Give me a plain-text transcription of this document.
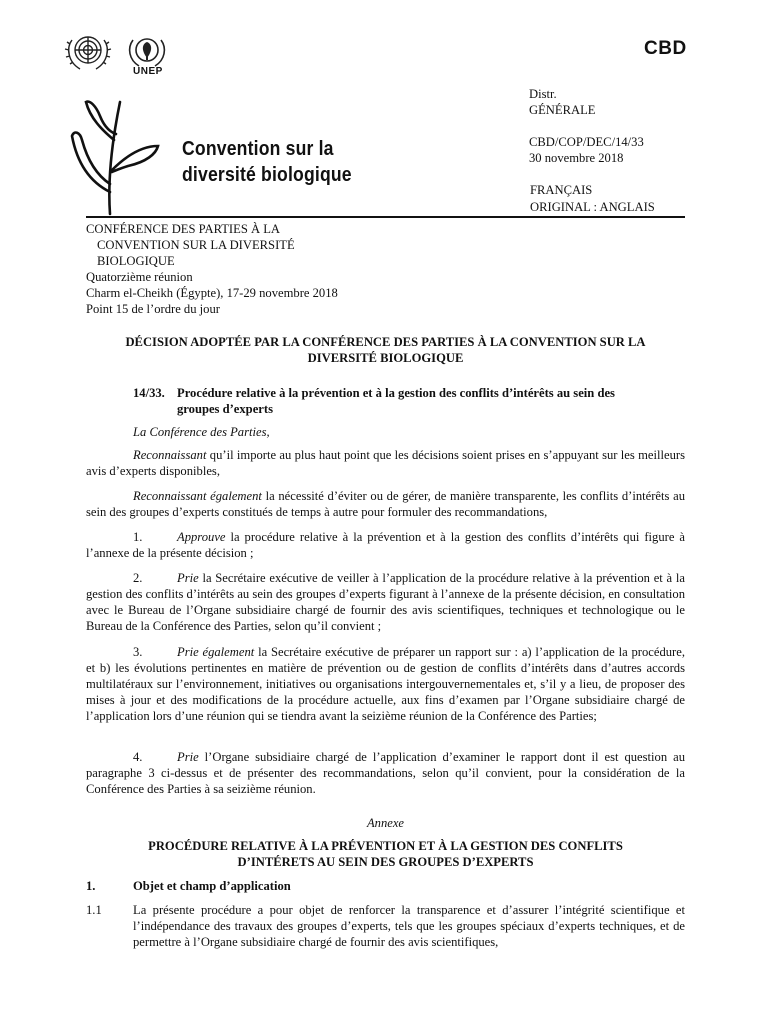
UNEP
CBD
Convention sur la
diversité biologique
Distr.
GÉNÉRALE
CBD/COP/DEC/14/33
30 novembre 2018
FRANÇAIS
ORIGINAL : ANGLAIS
CONFÉRENCE DES PARTIES À LA
CONVENTION SUR LA DIVERSITÉ
BIOLOGIQUE
Quatorzième réunion
Charm el-Cheikh (Égypte), 17-29 novembre 2018
Point 15 de l’ordre du jour
DÉCISION ADOPTÉE PAR LA CONFÉRENCE DES PARTIES À LA CONVENTION SUR LA
DIVERSITÉ BIOLOGIQUE
14/33. Procédure relative à la prévention et à la gestion des conflits d’intérêts au sein des
groupes d’experts
La Conférence des Parties,
Reconnaissant qu’il importe au plus haut point que les décisions soient prises en s’appuyant sur les meilleurs avis d’experts disponibles,
Reconnaissant également la nécessité d’éviter ou de gérer, de manière transparente, les conflits d’intérêts au sein des groupes d’experts constitués de temps à autre pour formuler des recommandations,
1.	Approuve la procédure relative à la prévention et à la gestion des conflits d’intérêts qui figure à l’annexe de la présente décision ;
2.	Prie la Secrétaire exécutive de veiller à l’application de la procédure relative à la prévention et à la gestion des conflits d’intérêts au sein des groupes d’experts figurant à l’annexe de la présente décision, en consultation avec le Bureau de l’Organe subsidiaire chargé de fournir des avis scientifiques, techniques et technologique ou le Bureau de la Conférence des Parties, selon qu’il convient ;
3.	Prie également la Secrétaire exécutive de préparer un rapport sur : a) l’application de la procédure, et b) les évolutions pertinentes en matière de prévention ou de gestion de conflits d’intérêts dans d’autres accords multilatéraux sur l’environnement, initiatives ou organisations intergouvernementales et, s’il y a lieu, de proposer des mises à jour et des modifications de la procédure actuelle, aux fins d’examen par l’Organe subsidiaire chargé de l’application lors d’une réunion qui se tiendra avant la seizième réunion de la Conférence des Parties;
4.	Prie l’Organe subsidiaire chargé de l’application d’examiner le rapport dont il est question au paragraphe 3 ci-dessus et de présenter des recommandations, selon qu’il convient, pour la considération de la Conférence des Parties à sa seizième réunion.
Annexe
PROCÉDURE RELATIVE À LA PRÉVENTION ET À LA GESTION DES CONFLITS
D’INTÉRETS AU SEIN DES GROUPES D’EXPERTS
1.	Objet et champ d’application
1.1 La présente procédure a pour objet de renforcer la transparence et d’assurer l’intégrité scientifique et l’indépendance des travaux des groupes d’experts, tels que les groupes spéciaux d’experts techniques, et de permettre à l’Organe subsidiaire chargé de fournir des avis scientifiques,
